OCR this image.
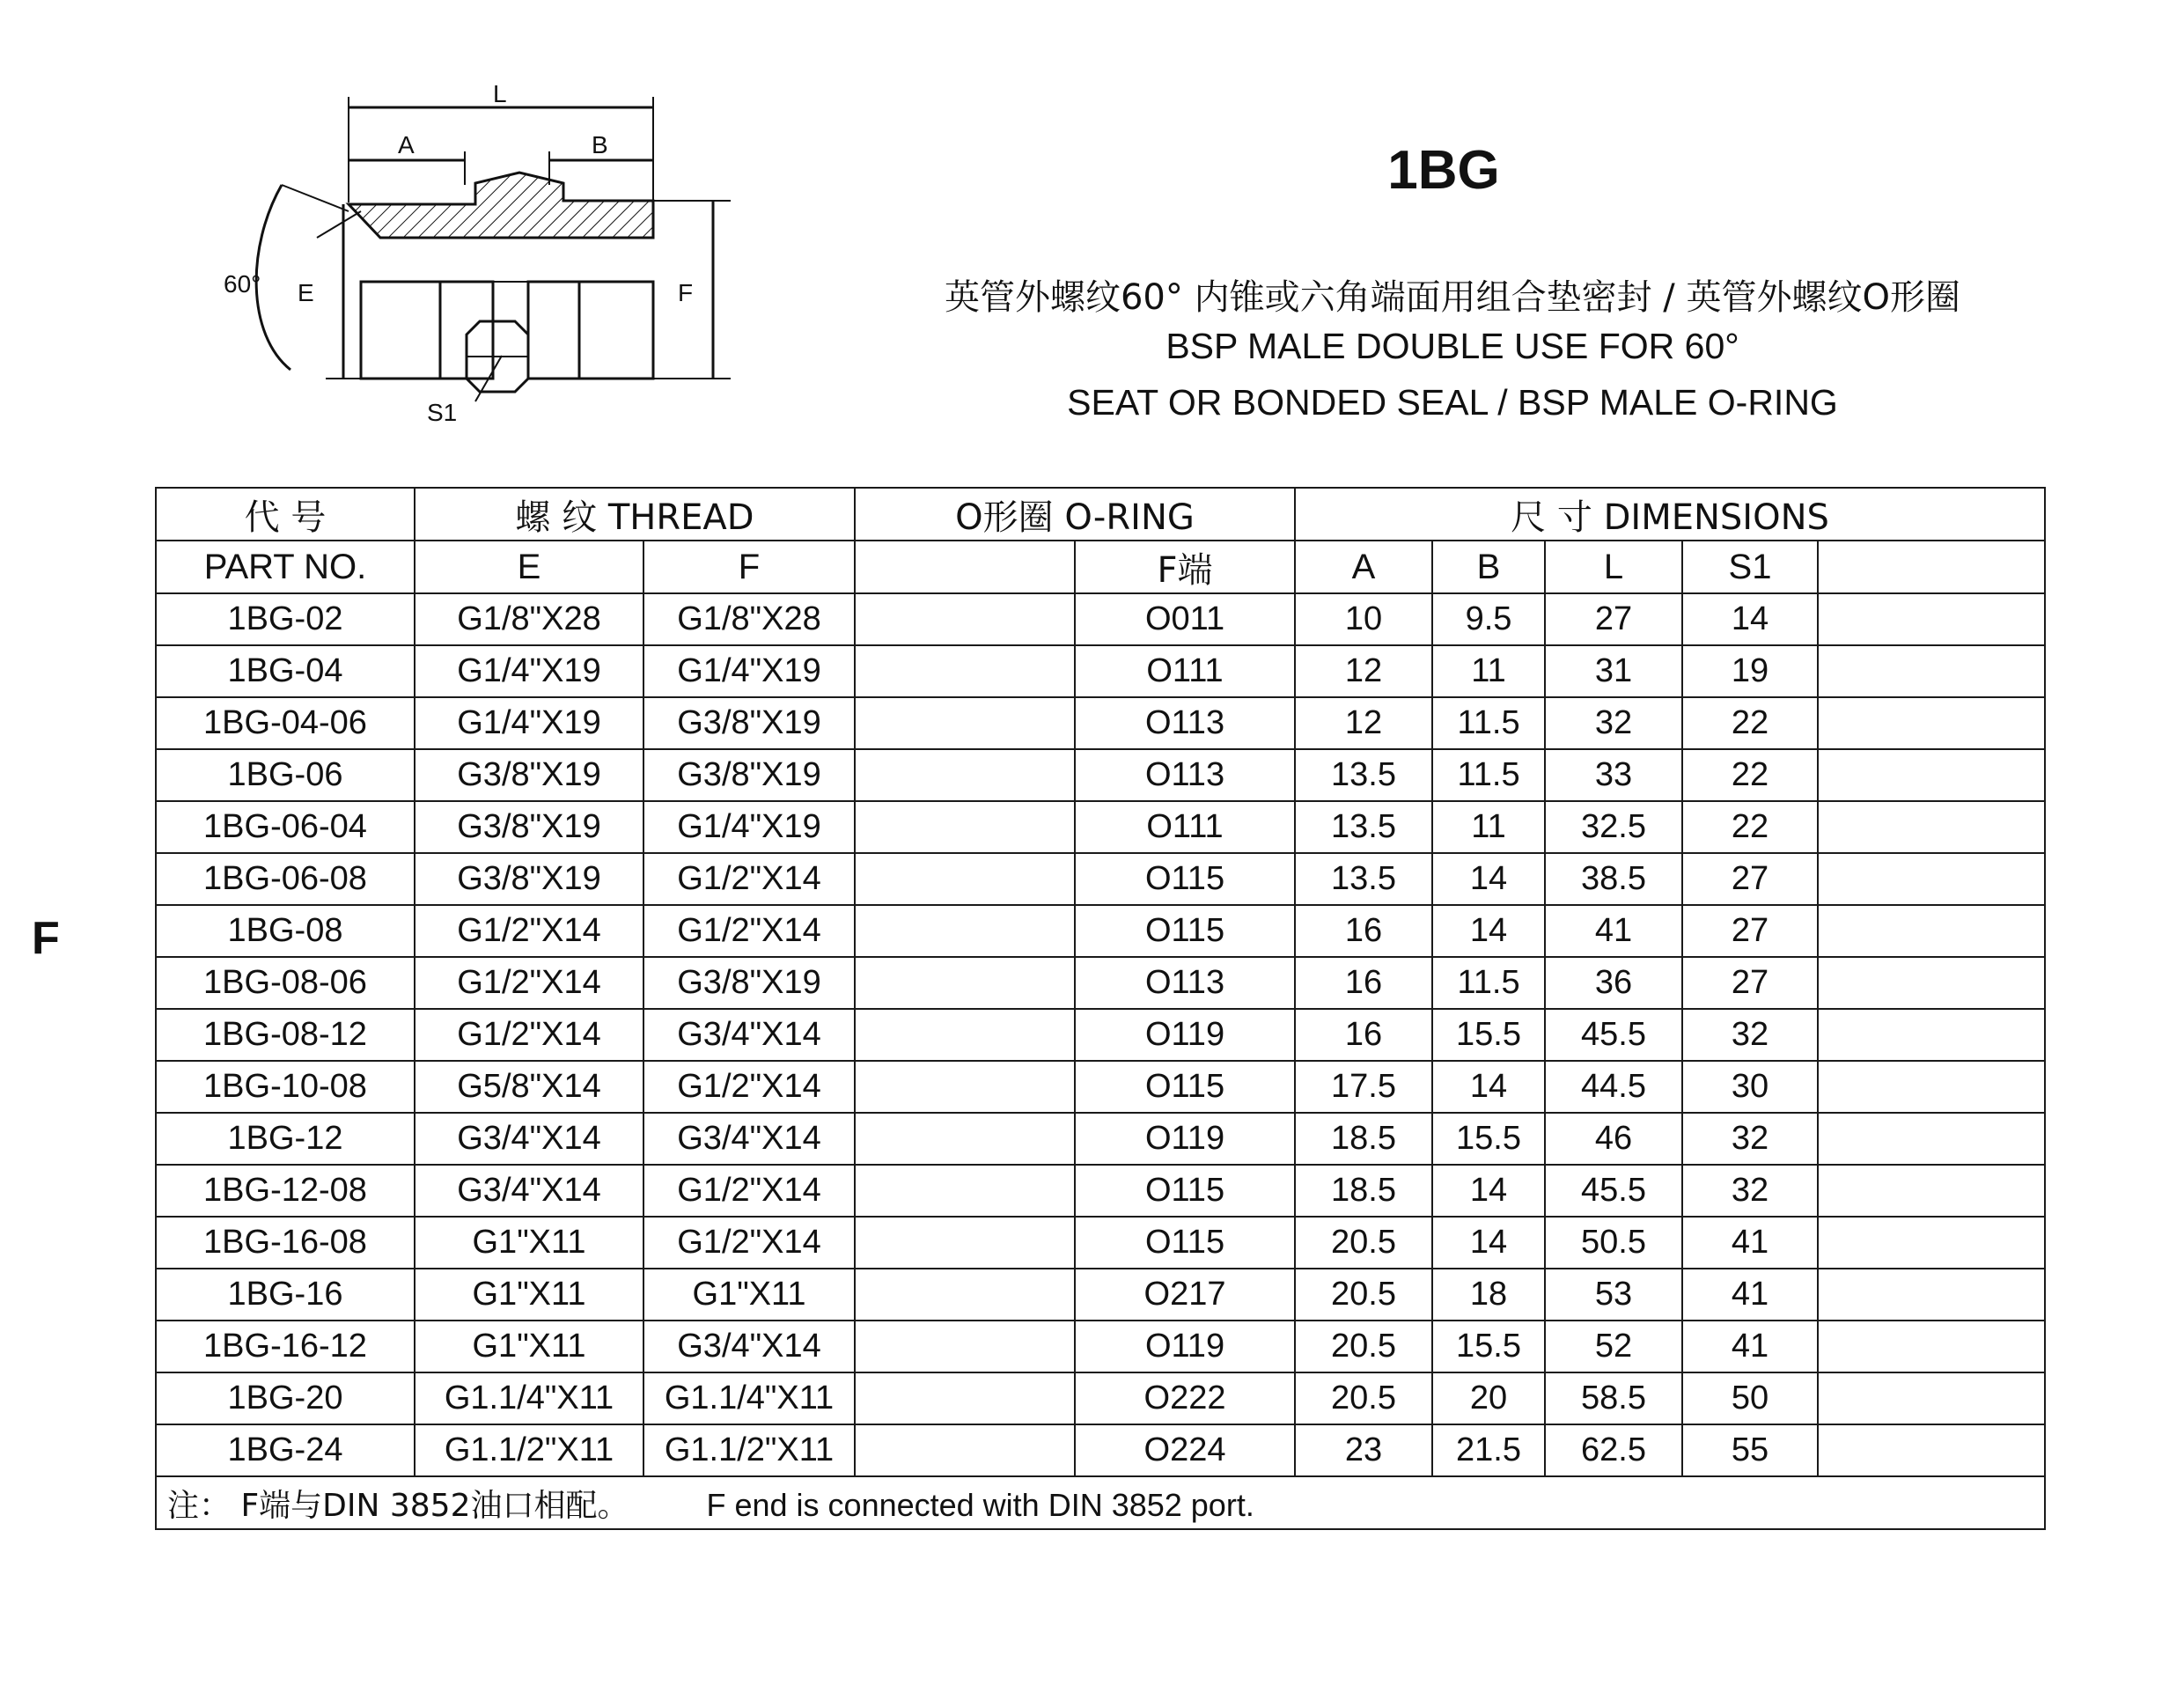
L
A	B
60° E	F
S1
1BG
英管外螺纹60° 内锥或六角端面用组合垫密封 / 英管外螺纹O形圈
BSP MALE DOUBLE USE FOR 60°
SEAT OR BONDED SEAL / BSP MALE O-RING
F
代 号	螺 纹 THREAD		O形圈 O-RING		尺 寸 DIMENSIONS				
PART NO.	E	F		F端	A	B	L	S1	
1BG-02	G1/8"X28	G1/8"X28		O011	10	9.5	27	14	
1BG-04	G1/4"X19	G1/4"X19		O111	12	11	31	19	
1BG-04-06	G1/4"X19	G3/8"X19		O113	12	11.5	32	22	
1BG-06	G3/8"X19	G3/8"X19		O113	13.5	11.5	33	22	
1BG-06-04	G3/8"X19	G1/4"X19		O111	13.5	11	32.5	22	
1BG-06-08	G3/8"X19	G1/2"X14		O115	13.5	14	38.5	27	
1BG-08	G1/2"X14	G1/2"X14		O115	16	14	41	27	
1BG-08-06	G1/2"X14	G3/8"X19		O113	16	11.5	36	27	
1BG-08-12	G1/2"X14	G3/4"X14		O119	16	15.5	45.5	32	
1BG-10-08	G5/8"X14	G1/2"X14		O115	17.5	14	44.5	30	
1BG-12	G3/4"X14	G3/4"X14		O119	18.5	15.5	46	32	
1BG-12-08	G3/4"X14	G1/2"X14		O115	18.5	14	45.5	32	
1BG-16-08	G1"X11	G1/2"X14		O115	20.5	14	50.5	41	
1BG-16	G1"X11	G1"X11		O217	20.5	18	53	41	
1BG-16-12	G1"X11	G3/4"X14		O119	20.5	15.5	52	41	
1BG-20	G1.1/4"X11	G1.1/4"X11		O222	20.5	20	58.5	50	
1BG-24	G1.1/2"X11	G1.1/2"X11		O224	23	21.5	62.5	55	
注： F端与DIN 3852油口相配。 F end is connected with DIN 3852 port.									
